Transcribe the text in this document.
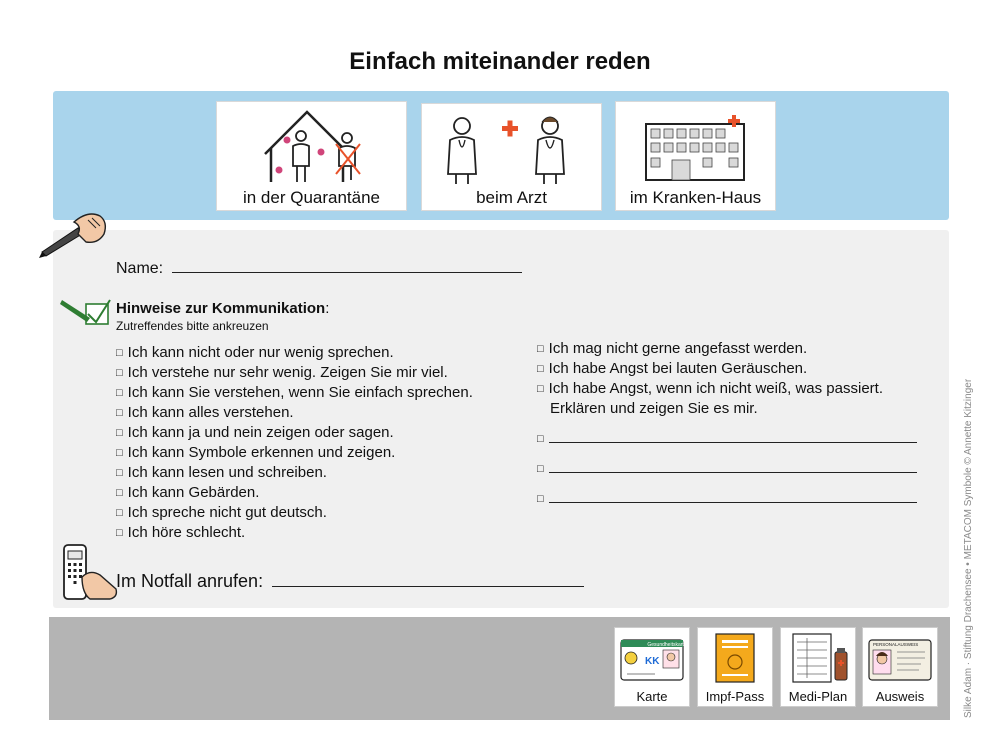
Einfach miteinander reden
in der Quarantäne	beim Arzt	im Kranken-Haus
Name:
Hinweise zur Kommunikation:
Zutreffendes bitte ankreuzen
□ Ich kann nicht oder nur wenig sprechen.
□ Ich verstehe nur sehr wenig. Zeigen Sie mir viel.
□ Ich kann Sie verstehen, wenn Sie einfach sprechen.
□ Ich kann alles verstehen.
□ Ich kann ja und nein zeigen oder sagen.
□ Ich kann Symbole erkennen und zeigen.
□ Ich kann lesen und schreiben.
□ Ich kann Gebärden.
□ Ich spreche nicht gut deutsch.
□ Ich höre schlecht.
□ Ich mag nicht gerne angefasst werden.
□ Ich habe Angst bei lauten Geräuschen.
□ Ich habe Angst, wenn ich nicht weiß, was passiert.
Erklären und zeigen Sie es mir.
□
□
□
Im Notfall anrufen:
Gesundheitskarte
KK
Karte	Impf-Pass	Medi-Plan
PERSONALAUSWEIS
Ausweis	Silke Adam · Stiftung Drachensee • METACOM Symbole © Annette Kitzinger
